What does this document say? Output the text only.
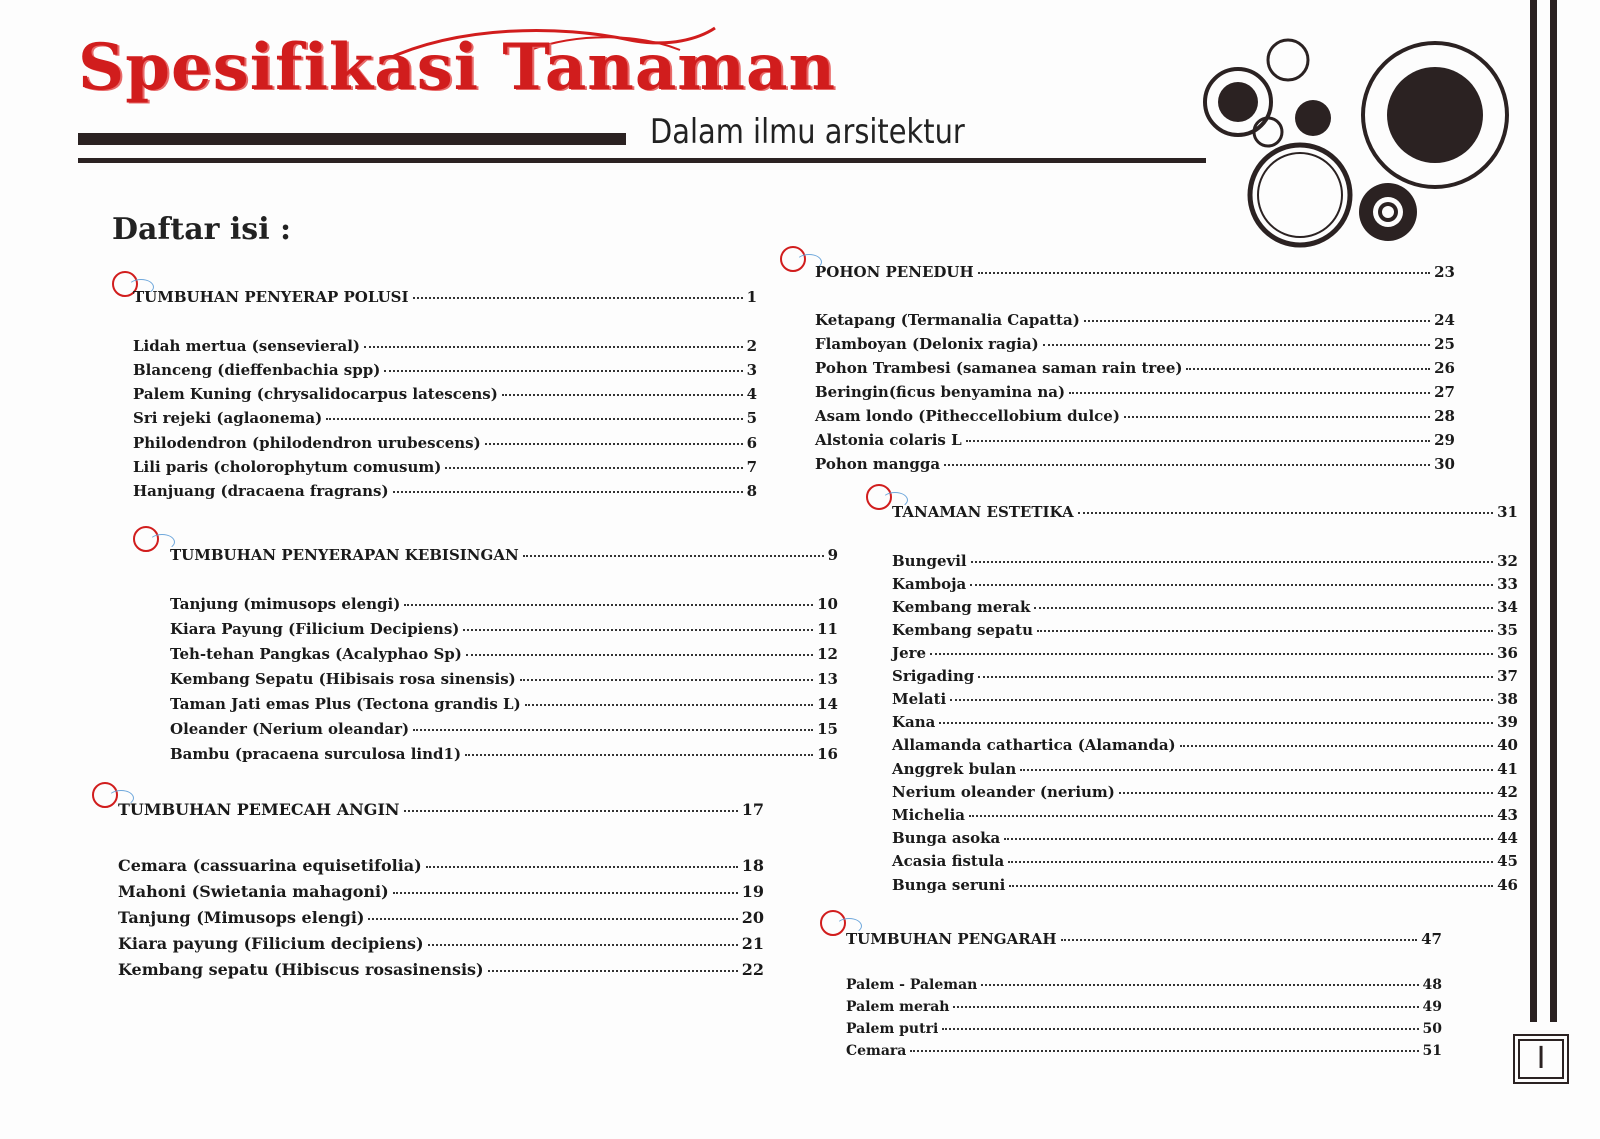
Spesifikasi Tanaman
Dalam ilmu arsitektur
Daftar isi :
TUMBUHAN PENYERAP POLUSI	1
Lidah mertua (sensevieral)	2
Blanceng (dieffenbachia spp)	3
Palem Kuning (chrysalidocarpus latescens)	4
Sri rejeki (aglaonema)	5
Philodendron (philodendron urubescens)	6
Lili paris (cholorophytum comusum)	7
Hanjuang (dracaena fragrans)	8
TUMBUHAN PENYERAPAN KEBISINGAN	9
Tanjung (mimusops elengi)	10
Kiara Payung (Filicium Decipiens)	11
Teh-tehan Pangkas (Acalyphao Sp)	12
Kembang Sepatu (Hibisais rosa sinensis)	13
Taman Jati emas Plus (Tectona grandis L)	14
Oleander (Nerium oleandar)	15
Bambu (pracaena surculosa lind1)	16
TUMBUHAN PEMECAH ANGIN	17
Cemara (cassuarina equisetifolia)	18
Mahoni (Swietania mahagoni)	19
Tanjung (Mimusops elengi)	20
Kiara payung (Filicium decipiens)	21
Kembang sepatu (Hibiscus rosasinensis)	22
POHON PENEDUH	23
Ketapang (Termanalia Capatta)	24
Flamboyan (Delonix ragia)	25
Pohon Trambesi (samanea saman rain tree)	26
Beringin(ficus benyamina na)	27
Asam londo (Pitheccellobium dulce)	28
Alstonia colaris L	29
Pohon mangga	30
TANAMAN ESTETIKA	31
Bungevil	32
Kamboja	33
Kembang merak	34
Kembang sepatu	35
Jere	36
Srigading	37
Melati	38
Kana	39
Allamanda cathartica (Alamanda)	40
Anggrek bulan	41
Nerium oleander (nerium)	42
Michelia	43
Bunga asoka	44
Acasia fistula	45
Bunga seruni	46
TUMBUHAN PENGARAH	47
Palem - Paleman	48
Palem merah	49
Palem putri	50
Cemara	51	I
